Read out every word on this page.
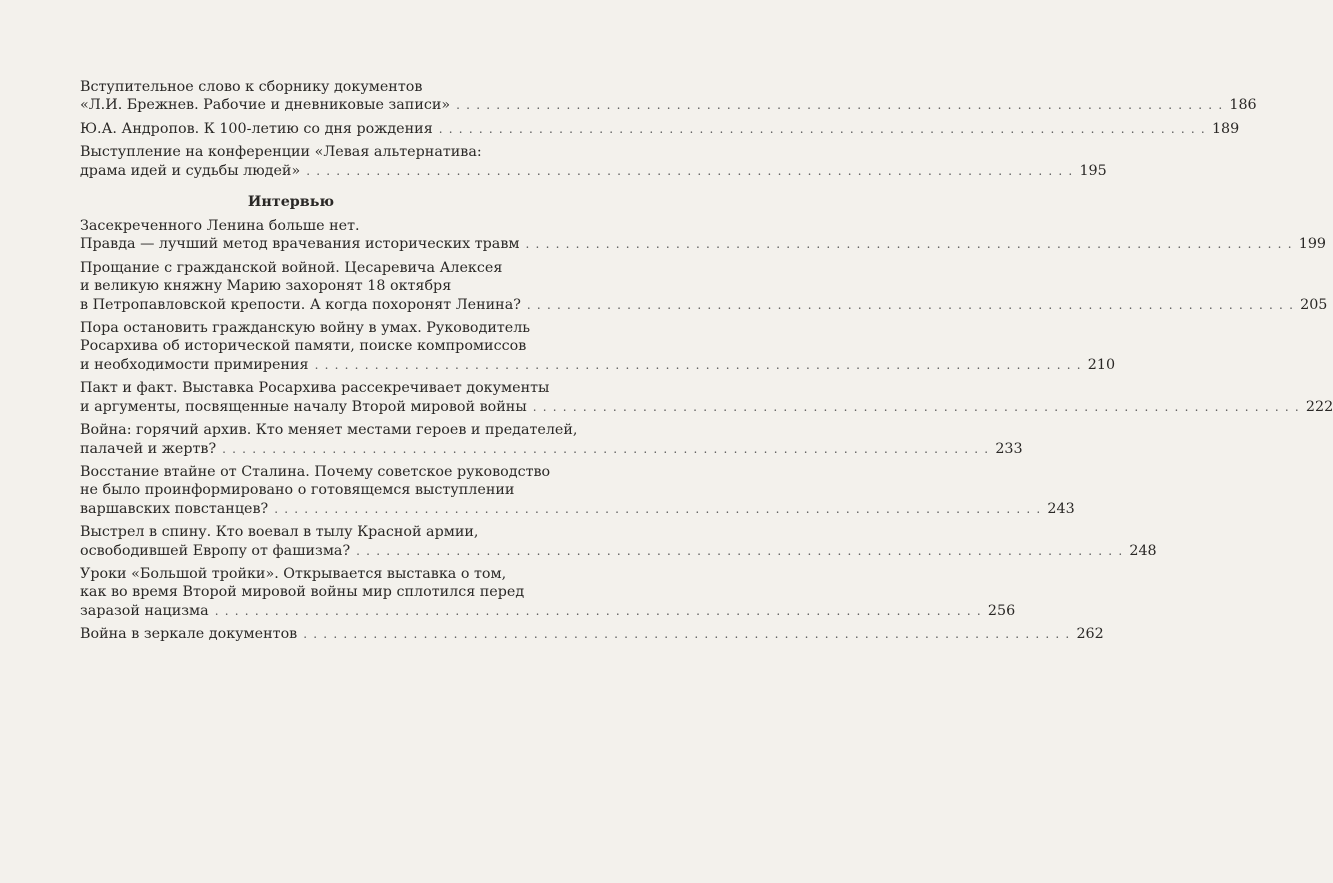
Вступительное слово к сборнику документов
«Л.И. Брежнев. Рабочие и дневниковые записи» . . .	186
Ю.А. Андропов. К 100-летию со дня рождения . . .	189
Выступление на конференции «Левая альтернатива:
драма идей и судьбы людей» . . .	195
Интервью
Засекреченного Ленина больше нет.
Правда — лучший метод врачевания исторических травм . . .	199
Прощание с гражданской войной. Цесаревича Алексея
и великую княжну Марию захоронят 18 октября
в Петропавловской крепости. А когда похоронят Ленина? . . .	205
Пора остановить гражданскую войну в умах. Руководитель
Росархива об исторической памяти, поиске компромиссов
и необходимости примирения . . .	210
Пакт и факт. Выставка Росархива рассекречивает документы
и аргументы, посвященные началу Второй мировой войны . . .	222
Война: горячий архив. Кто меняет местами героев и предателей,
палачей и жертв? . . .	233
Восстание втайне от Сталина. Почему советское руководство
не было проинформировано о готовящемся выступлении
варшавских повстанцев? . . .	243
Выстрел в спину. Кто воевал в тылу Красной армии,
освободившей Европу от фашизма? . . .	248
Уроки «Большой тройки». Открывается выставка о том,
как во время Второй мировой войны мир сплотился перед
заразой нацизма . . .	256
Война в зеркале документов . . .	262
